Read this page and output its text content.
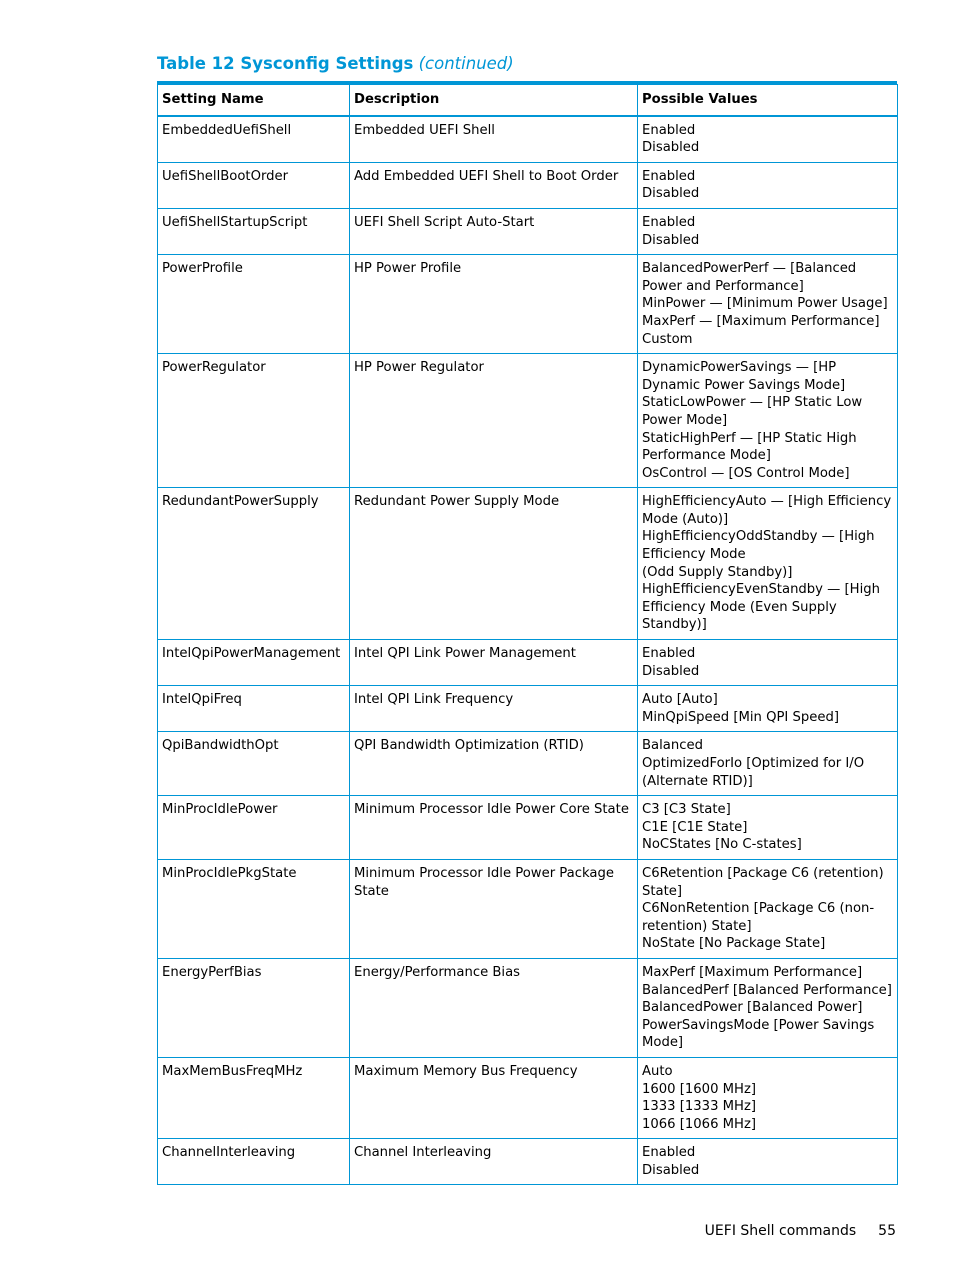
Table 12 Sysconfig Settings (continued)
Setting Name	Description	Possible Values
EmbeddedUefiShell	Embedded UEFI Shell	Enabled
Disabled

UefiShellBootOrder	Add Embedded UEFI Shell to Boot Order	Enabled
Disabled

UefiShellStartupScript	UEFI Shell Script Auto-Start	Enabled
Disabled

PowerProfile	HP Power Profile	BalancedPowerPerf — [Balanced Power and Performance]
MinPower — [Minimum Power Usage]
MaxPerf — [Maximum Performance]
Custom

PowerRegulator	HP Power Regulator	DynamicPowerSavings — [HP Dynamic Power Savings Mode]
StaticLowPower — [HP Static Low Power Mode]
StaticHighPerf — [HP Static High Performance Mode]
OsControl — [OS Control Mode]

RedundantPowerSupply	Redundant Power Supply Mode	HighEfficiencyAuto — [High Efficiency Mode (Auto)]
HighEfficiencyOddStandby — [High Efficiency Mode
(Odd Supply Standby)]
HighEfficiencyEvenStandby — [High Efficiency Mode (Even Supply Standby)]

IntelQpiPowerManagement	Intel QPI Link Power Management	Enabled
Disabled

IntelQpiFreq	Intel QPI Link Frequency	Auto [Auto]
MinQpiSpeed [Min QPI Speed]

QpiBandwidthOpt	QPI Bandwidth Optimization (RTID)	Balanced
OptimizedForIo [Optimized for I/O (Alternate RTID)]

MinProcIdlePower	Minimum Processor Idle Power Core State	C3 [C3 State]
C1E [C1E State]
NoCStates [No C-states]

MinProcIdlePkgState	Minimum Processor Idle Power Package State	C6Retention [Package C6 (retention) State]
C6NonRetention [Package C6 (non-retention) State]
NoState [No Package State]

EnergyPerfBias	Energy/Performance Bias	MaxPerf [Maximum Performance]
BalancedPerf [Balanced Performance]
BalancedPower [Balanced Power]
PowerSavingsMode [Power Savings Mode]

MaxMemBusFreqMHz	Maximum Memory Bus Frequency	Auto
1600 [1600 MHz]
1333 [1333 MHz]
1066 [1066 MHz]

ChannelInterleaving	Channel Interleaving	Enabled
Disabled
UEFI Shell commands 55
